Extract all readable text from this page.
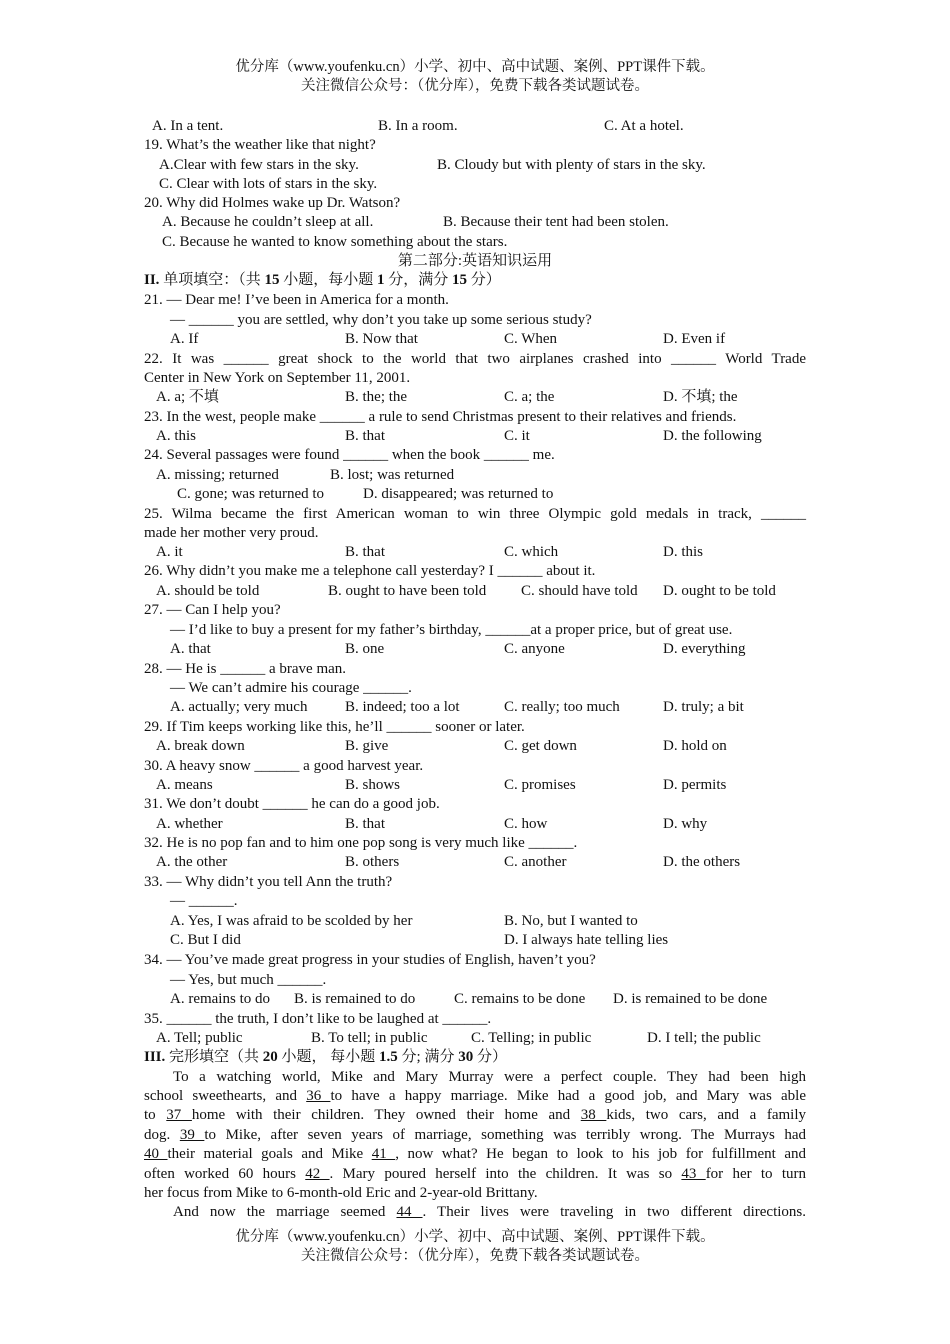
优分库（www.youfenku.cn）小学、初中、高中试题、案例、PPT课件下载。
关注微信公众号：（优分库），免费下载各类试题试卷。
A. In a tent.	B. In a room.	C. At a hotel.
19. What’s the weather like that night?
A.Clear with few stars in the sky.	B. Cloudy but with plenty of stars in the sky.
C. Clear with lots of stars in the sky.
20. Why did Holmes wake up Dr. Watson?
A. Because he couldn’t sleep at all.	B. Because their tent had been stolen.
C. Because he wanted to know something about the stars.
第二部分:英语知识运用
II. 单项填空：（共 15 小题，每小题 1 分，满分 15 分）
21. — Dear me! I’ve been in America for a month.
— ______ you are settled, why don’t you take up some serious study?
A. If	B. Now that	C. When	D. Even if
22. It was ______ great shock to the world that two airplanes crashed into ______ World Trade
Center in New York on September 11, 2001.
A. a; 不填	B. the; the	C. a; the	D. 不填; the
23. In the west, people make ______ a rule to send Christmas present to their relatives and friends.
A. this	B. that	C. it	D. the following
24. Several passages were found ______ when the book ______ me.
A. missing; returned	B. lost; was returned
C. gone; was returned to	D. disappeared; was returned to
25. Wilma became the first American woman to win three Olympic gold medals in track, ______
made her mother very proud.
A. it	B. that	C. which	D. this
26. Why didn’t you make me a telephone call yesterday? I ______ about it.
A. should be told	B. ought to have been told C. should have told D. ought to be told
27. — Can I help you?
— I’d like to buy a present for my father’s birthday, ______at a proper price, but of great use.
A. that	B. one	C. anyone	D. everything
28. — He is ______ a brave man.
— We can’t admire his courage ______.
A. actually; very much	B. indeed; too a lot	C. really; too much	D. truly; a bit
29. If Tim keeps working like this, he’ll ______ sooner or later.
A. break down	B. give	C. get down	D. hold on
30. A heavy snow ______ a good harvest year.
A. means	B. shows	C. promises	D. permits
31. We don’t doubt ______ he can do a good job.
A. whether	B. that	C. how	D. why
32. He is no pop fan and to him one pop song is very much like ______.
A. the other	B. others	C. another	D. the others
33. — Why didn’t you tell Ann the truth?
— ______.
A. Yes, I was afraid to be scolded by her	B. No, but I wanted to
C. But I did	D. I always hate telling lies
34. — You’ve made great progress in your studies of English, haven’t you?
— Yes, but much ______.
A. remains to do B. is remained to do	C. remains to be done D. is remained to be done
35. ______ the truth, I don’t like to be laughed at ______.
A. Tell; public	B. To tell; in public	C. Telling; in public	D. I tell; the public
III. 完形填空（共 20 小题， 每小题 1.5 分; 满分 30 分）
To a watching world, Mike and Mary Murray were a perfect couple. They had been high
school sweethearts, and 36 to have a happy marriage. Mike had a good job, and Mary was able
to 37 home with their children. They owned their home and 38 kids, two cars, and a family
dog. 39 to Mike, after seven years of marriage, something was terribly wrong. The Murrays had
40 their material goals and Mike 41 , now what? He began to look to his job for fulfillment and
often worked 60 hours 42 . Mary poured herself into the children. It was so 43 for her to turn
her focus from Mike to 6-month-old Eric and 2-year-old Brittany.
And now the marriage seemed 44 . Their lives were traveling in two different directions.
优分库（www.youfenku.cn）小学、初中、高中试题、案例、PPT课件下载。
关注微信公众号：（优分库），免费下载各类试题试卷。
